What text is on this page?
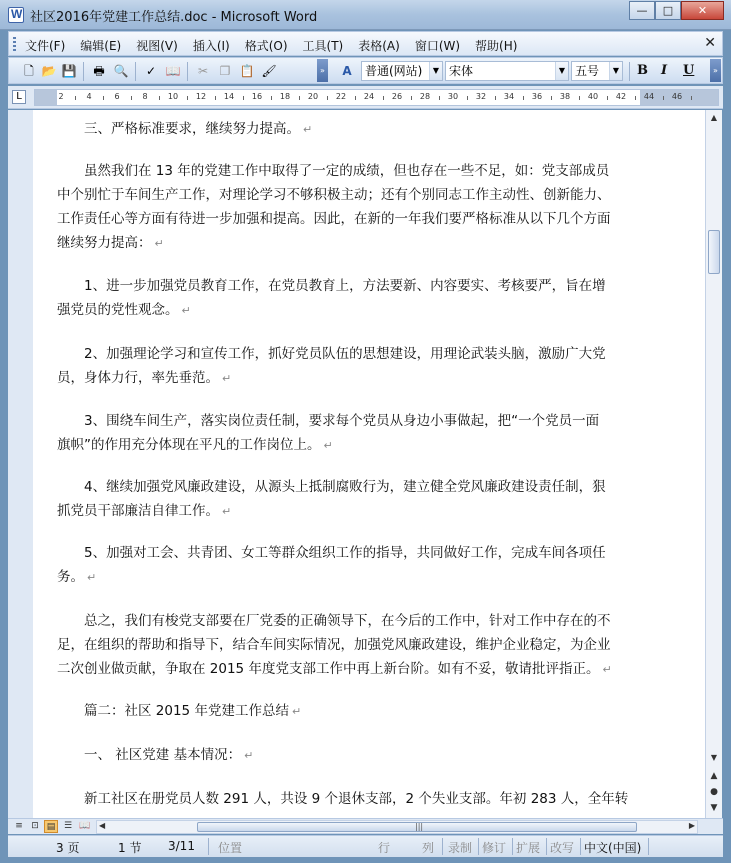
W
社区2016年党建工作总结.doc - Microsoft Word	—	□	✕
文件(F) 编辑(E) 视图(V) 插入(I) 格式(O) 工具(T) 表格(A) 窗口(W) 帮助(H)	✕
🗋 📂 💾 🖶 🔍 ✓ 📖 ✂ ❐ 📋 🖌	» A	普通(网站)	▼ 宋体	▼ 五号	▼ B I U	»
L	2	4	6	8	10 12 14 16 18 20 22 24 26 28 30 32 34 36 38 40 42 44 46
　　三、严格标准要求，继续努力提高。 ↵
　　虽然我们在 13 年的党建工作中取得了一定的成绩，但也存在一些不足，如：党支部成员
中个别忙于车间生产工作，对理论学习不够积极主动；还有个别同志工作主动性、创新能力、
工作责任心等方面有待进一步加强和提高。因此，在新的一年我们要严格标准从以下几个方面
继续努力提高： ↵
　　1、进一步加强党员教育工作，在党员教育上，方法要新、内容要实、考核要严，旨在增
强党员的党性观念。 ↵
　　2、加强理论学习和宣传工作，抓好党员队伍的思想建设，用理论武装头脑，激励广大党
员，身体力行，率先垂范。 ↵
　　3、围绕车间生产，落实岗位责任制，要求每个党员从身边小事做起，把“一个党员一面
旗帜”的作用充分体现在平凡的工作岗位上。 ↵
　　4、继续加强党风廉政建设，从源头上抵制腐败行为，建立健全党风廉政建设责任制，狠
抓党员干部廉洁自律工作。 ↵
　　5、加强对工会、共青团、女工等群众组织工作的指导，共同做好工作，完成车间各项任
务。 ↵
　　总之，我们有梭党支部要在厂党委的正确领导下，在今后的工作中，针对工作中存在的不
足，在组织的帮助和指导下，结合车间实际情况，加强党风廉政建设，维护企业稳定，为企业
二次创业做贡献，争取在 2015 年度党支部工作中再上新台阶。如有不妥，敬请批评指正。 ↵
　　篇二：社区 2015 年党建工作总结 ↵
　　一、 社区党建 基本情况： ↵
　　新工社区在册党员人数 291 人，共设 9 个退休支部，2 个失业支部。年初 283 人，全年转
▲
▼
▲
●
▼
≡ ⊡ ▤ ☰ 📖 ◀	|||	▶
3 页	1 节 3/11 位置	行	列 录制 修订 扩展 改写 中文(中国)
